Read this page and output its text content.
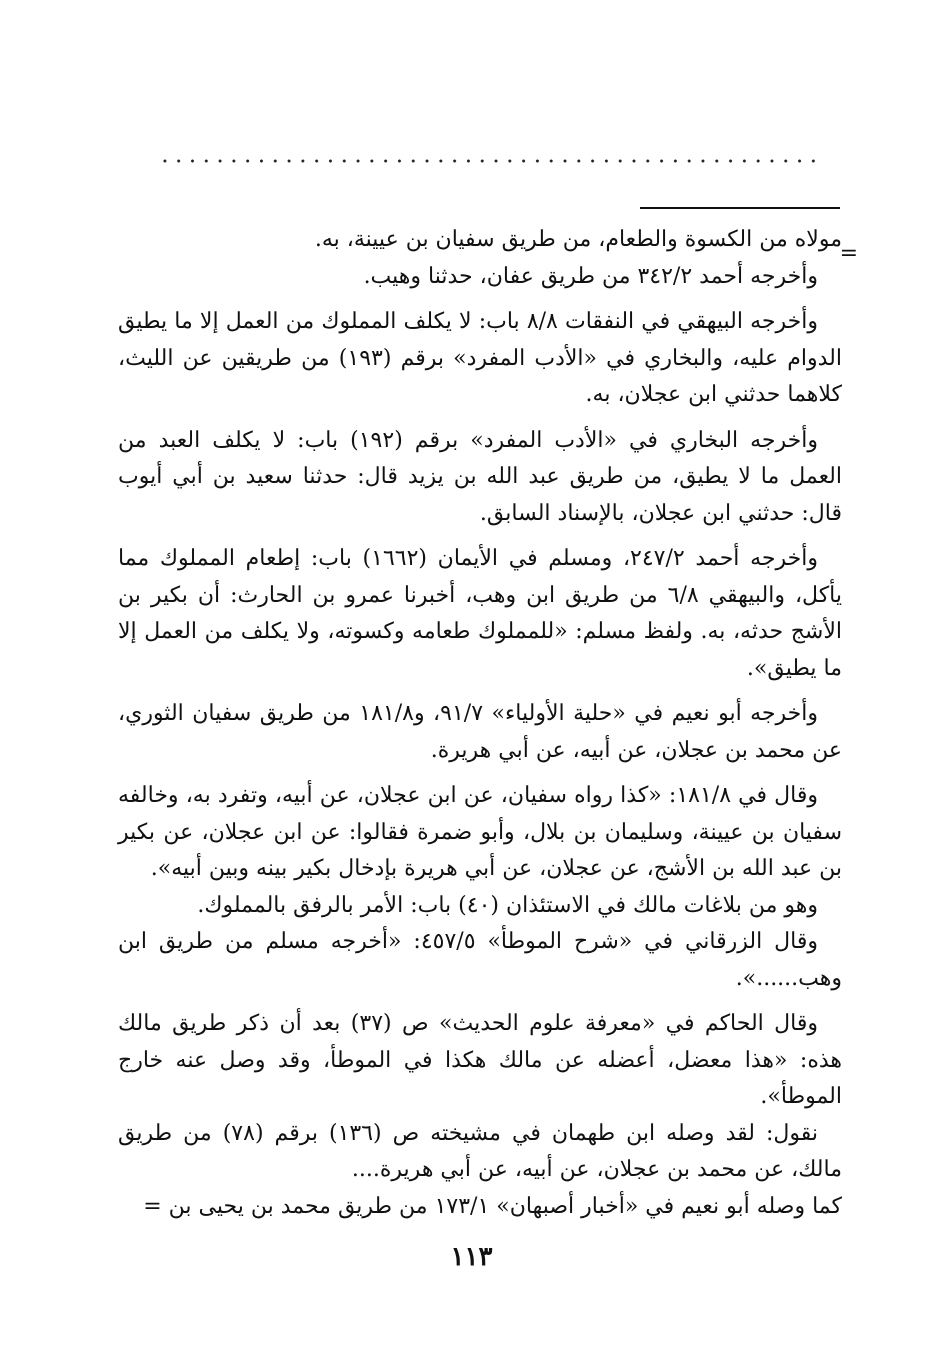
=

مولاه من الكسوة والطعام، من طريق سفيان بن عيينة، به.

وأخرجه أحمد ٣٤٢/٢ من طريق عفان، حدثنا وهيب.

وأخرجه البيهقي في النفقات ٨/٨ باب: لا يكلف المملوك من العمل إلا ما يطيق الدوام عليه، والبخاري في «الأدب المفرد» برقم (١٩٣) من طريقين عن الليث، كلاهما حدثني ابن عجلان، به.

وأخرجه البخاري في «الأدب المفرد» برقم (١٩٢) باب: لا يكلف العبد من العمل ما لا يطيق، من طريق عبد الله بن يزيد قال: حدثنا سعيد بن أبي أيوب قال: حدثني ابن عجلان، بالإسناد السابق.

وأخرجه أحمد ٢٤٧/٢، ومسلم في الأيمان (١٦٦٢) باب: إطعام المملوك مما يأكل، والبيهقي ٦/٨ من طريق ابن وهب، أخبرنا عمرو بن الحارث: أن بكير بن الأشج حدثه، به. ولفظ مسلم: «للمملوك طعامه وكسوته، ولا يكلف من العمل إلا ما يطيق».

وأخرجه أبو نعيم في «حلية الأولياء» ٩١/٧، و١٨١/٨ من طريق سفيان الثوري، عن محمد بن عجلان، عن أبيه، عن أبي هريرة.

وقال في ١٨١/٨: «كذا رواه سفيان، عن ابن عجلان، عن أبيه، وتفرد به، وخالفه سفيان بن عيينة، وسليمان بن بلال، وأبو ضمرة فقالوا: عن ابن عجلان، عن بكير بن عبد الله بن الأشج، عن عجلان، عن أبي هريرة بإدخال بكير بينه وبين أبيه».

وهو من بلاغات مالك في الاستئذان (٤٠) باب: الأمر بالرفق بالمملوك.

وقال الزرقاني في «شرح الموطأ» ٤٥٧/٥: «أخرجه مسلم من طريق ابن وهب......».

وقال الحاكم في «معرفة علوم الحديث» ص (٣٧) بعد أن ذكر طريق مالك هذه: «هذا معضل، أعضله عن مالك هكذا في الموطأ، وقد وصل عنه خارج الموطأ».

نقول: لقد وصله ابن طهمان في مشيخته ص (١٣٦) برقم (٧٨) من طريق مالك، عن محمد بن عجلان، عن أبيه، عن أبي هريرة....

كما وصله أبو نعيم في «أخبار أصبهان» ١٧٣/١ من طريق محمد بن يحيى بن =

١١٣
